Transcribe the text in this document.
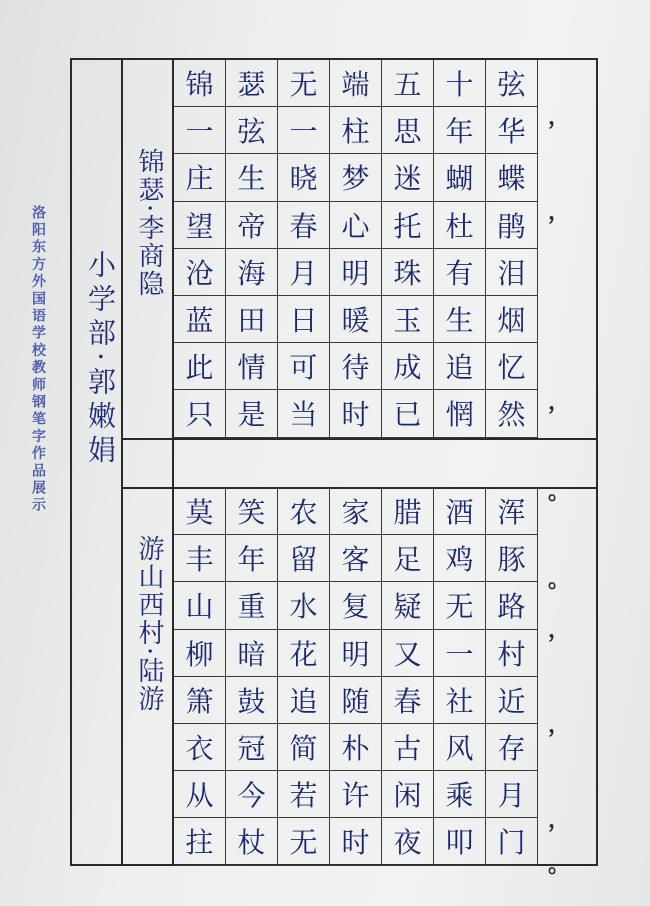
洛阳东方外国语学校教师钢笔字作品展示	小学部·郭嫩娟
锦瑟·李商隐
游山西村·陆游
弦
华
蝶
鹃
泪
烟
忆
然
十
年
蝴
杜
有
生
追
惘
五
思
迷
托
珠
玉
成
已
端
柱
梦
心
明
暖
待
时
无
一
晓
春
月
日
可
当
瑟
弦
生
帝
海
田
情
是
锦
一
庄
望
沧
蓝
此
只
浑
豚
路
村
近
存
月
门
酒
鸡
无
一
社
风
乘
叩
腊
足
疑
又
春
古
闲
夜
家
客
复
明
随
朴
许
时
农
留
水
花
追
简
若
无
笑
年
重
暗
鼓
冠
今
杖
莫
丰
山
柳
箫
衣
从
拄
，
，
，
。
。
，
，
，
。
